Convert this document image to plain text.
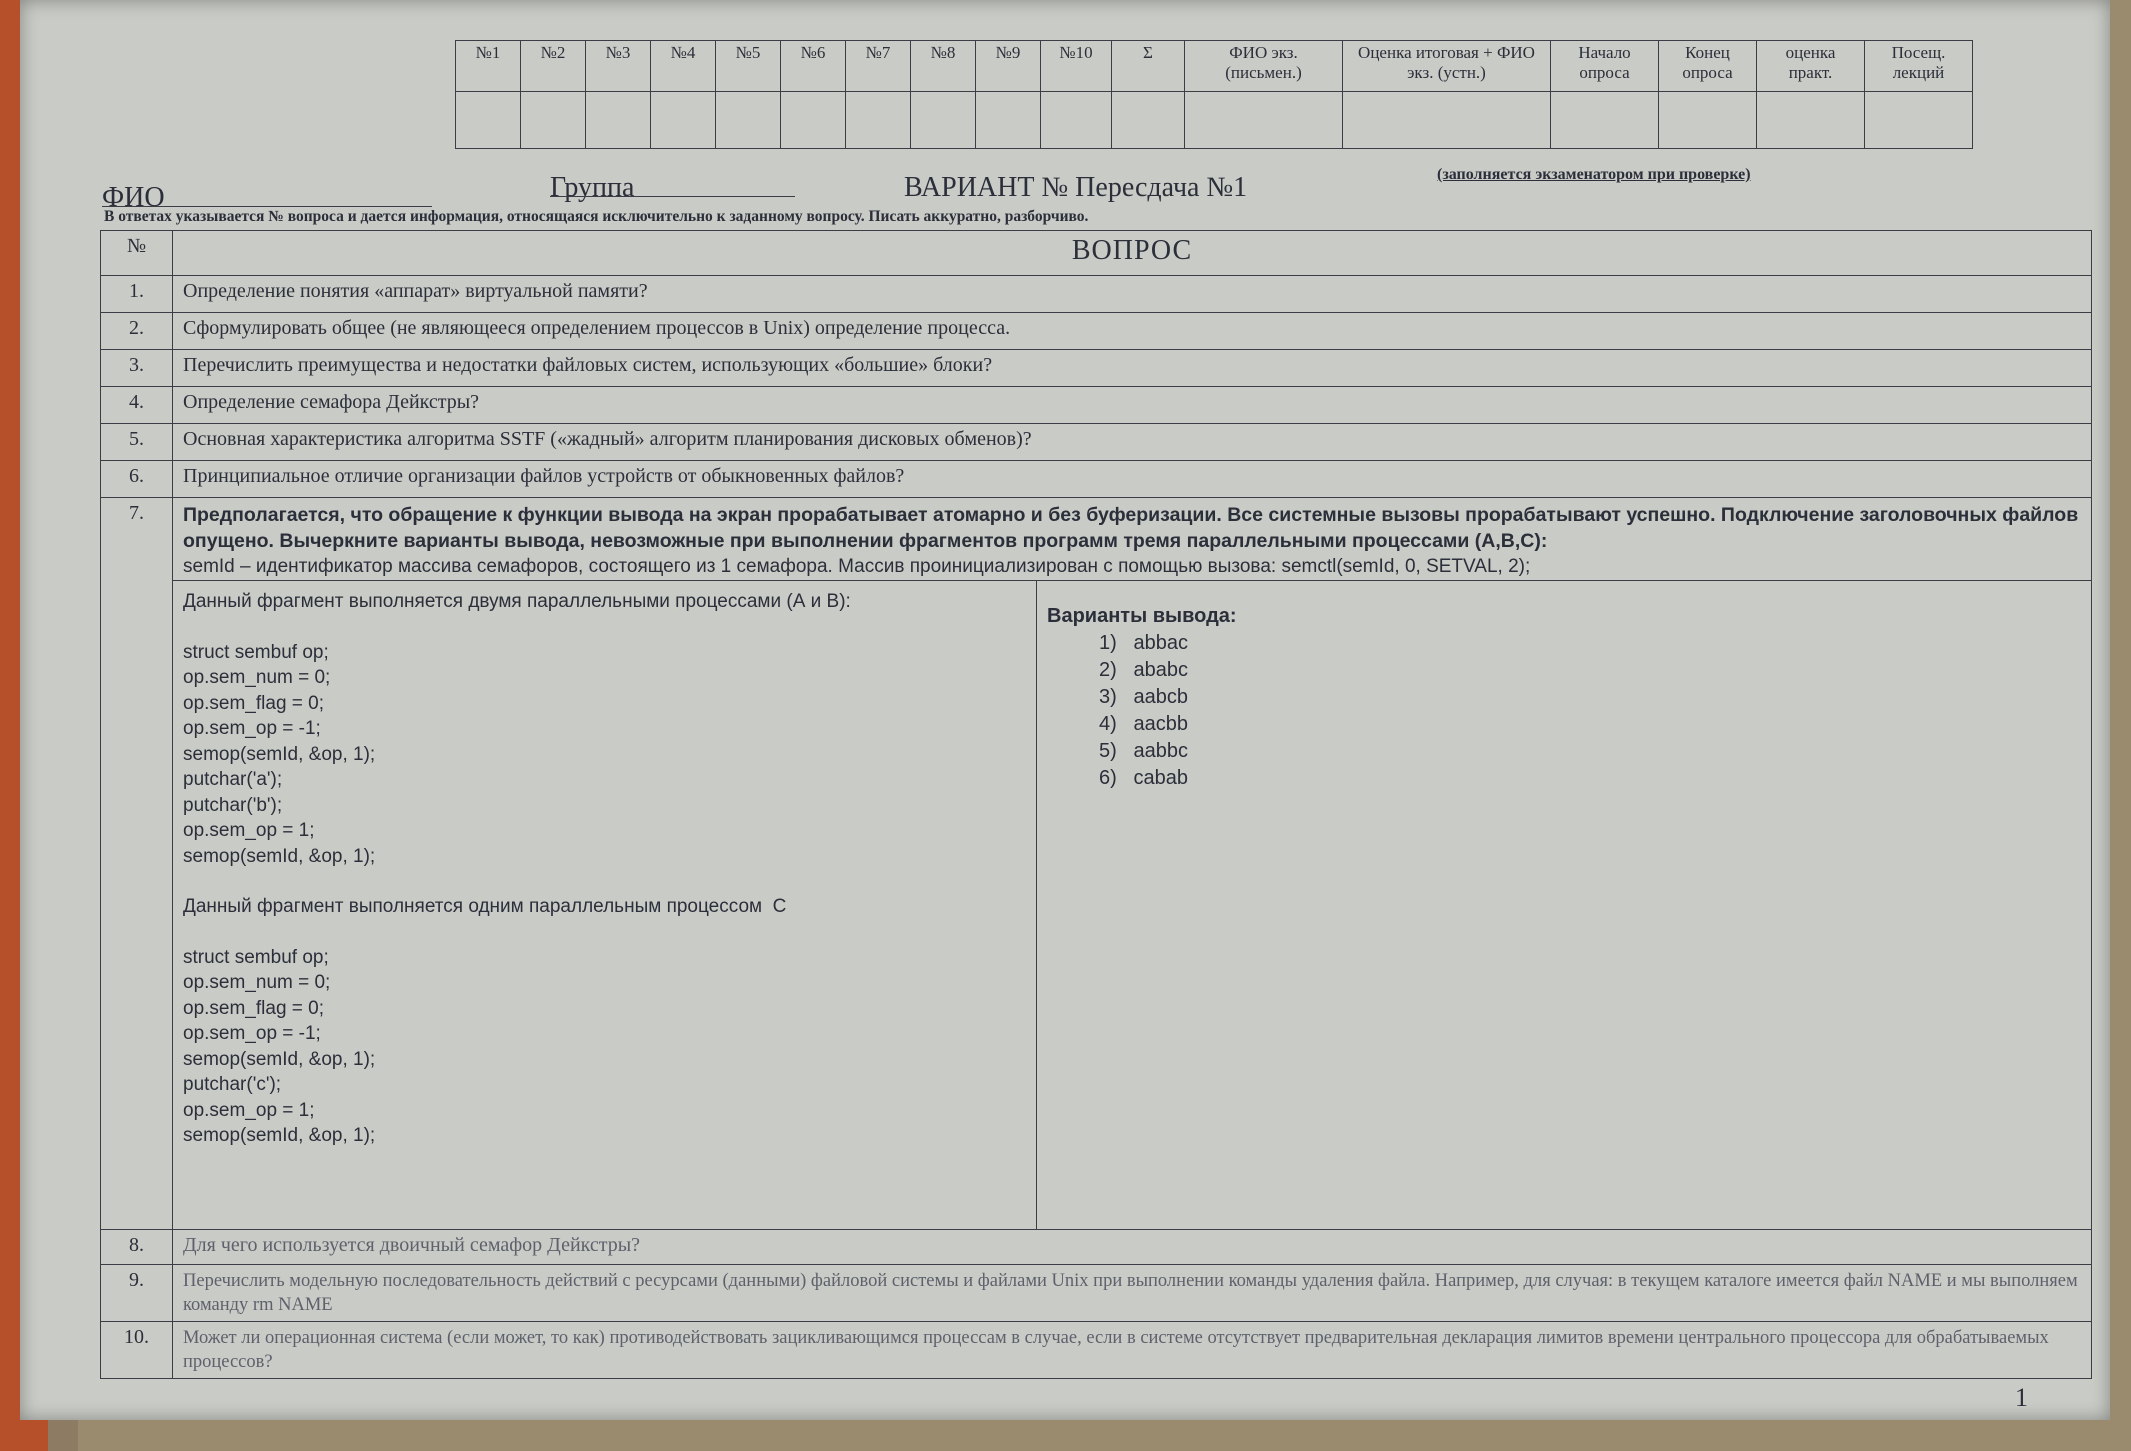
№1	№2	№3	№4	№5	№6	№7	№8	№9	№10	Σ	ФИО экз. (письмен.)	Оценка итоговая + ФИО экз. (устн.)	Начало опроса	Конец опроса	оценка практ.	Посещ. лекций

ФИО	Группа	ВАРИАНТ № Пересдача №1	(заполняется экзаменатором при проверке)
В ответах указывается № вопроса и дается информация, относящаяся исключительно к заданному вопросу. Писать аккуратно, разборчиво.
№	ВОПРОС
1.	Определение понятия «аппарат» виртуальной памяти?
2.	Сформулировать общее (не являющееся определением процессов в Unix) определение процесса.
3.	Перечислить преимущества и недостатки файловых систем, использующих «большие» блоки?
4.	Определение семафора Дейкстры?
5.	Основная характеристика алгоритма SSTF («жадный» алгоритм планирования дисковых обменов)?
6.	Принципиальное отличие организации файлов устройств от обыкновенных файлов?
7.	Предполагается, что обращение к функции вывода на экран прорабатывает атомарно и без буферизации. Все системные вызовы прорабатывают успешно. Подключение заголовочных файлов опущено. Вычеркните варианты вывода, невозможные при выполнении фрагментов программ тремя параллельными процессами (A,B,C):
semId – идентификатор массива семафоров, состоящего из 1 семафора. Массив проинициализирован с помощью вызова: semctl(semId, 0, SETVAL, 2);
Данный фрагмент выполняется двумя параллельными процессами (А и В):
struct sembuf op;
op.sem_num = 0;
op.sem_flag = 0;
op.sem_op = -1;
semop(semId, &op, 1);
putchar('a');
putchar('b');
op.sem_op = 1;
semop(semId, &op, 1);
Данный фрагмент выполняется одним параллельным процессом  С
struct sembuf op;
op.sem_num = 0;
op.sem_flag = 0;
op.sem_op = -1;
semop(semId, &op, 1);
putchar('c');
op.sem_op = 1;
semop(semId, &op, 1);
Варианты вывода:
1)   abbac
2)   ababc
3)   aabcb
4)   aacbb
5)   aabbc
6)   cabab
8.	Для чего используется двоичный семафор Дейкстры?
9.	Перечислить модельную последовательность действий с ресурсами (данными) файловой системы и файлами Unix при выполнении команды удаления файла. Например, для случая: в текущем каталоге имеется файл NAME и мы выполняем команду rm NAME
10.	Может ли операционная система (если может, то как) противодействовать зацикливающимся процессам в случае, если в системе отсутствует предварительная декларация лимитов времени центрального процессора для обрабатываемых процессов?
1
